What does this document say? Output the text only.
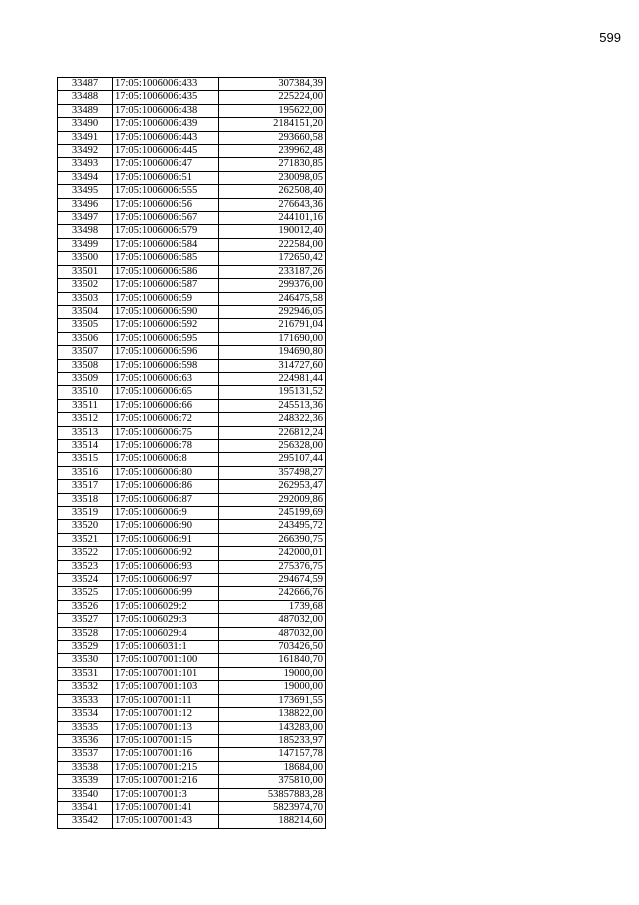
599
33487	17:05:1006006:433	307384,39
33488	17:05:1006006:435	225224,00
33489	17:05:1006006:438	195622,00
33490	17:05:1006006:439	2184151,20
33491	17:05:1006006:443	293660,58
33492	17:05:1006006:445	239962,48
33493	17:05:1006006:47	271830,85
33494	17:05:1006006:51	230098,05
33495	17:05:1006006:555	262508,40
33496	17:05:1006006:56	276643,36
33497	17:05:1006006:567	244101,16
33498	17:05:1006006:579	190012,40
33499	17:05:1006006:584	222584,00
33500	17:05:1006006:585	172650,42
33501	17:05:1006006:586	233187,26
33502	17:05:1006006:587	299376,00
33503	17:05:1006006:59	246475,58
33504	17:05:1006006:590	292946,05
33505	17:05:1006006:592	216791,04
33506	17:05:1006006:595	171690,00
33507	17:05:1006006:596	194690,80
33508	17:05:1006006:598	314727,60
33509	17:05:1006006:63	224981,44
33510	17:05:1006006:65	195131,52
33511	17:05:1006006:66	245513,36
33512	17:05:1006006:72	248322,36
33513	17:05:1006006:75	226812,24
33514	17:05:1006006:78	256328,00
33515	17:05:1006006:8	295107,44
33516	17:05:1006006:80	357498,27
33517	17:05:1006006:86	262953,47
33518	17:05:1006006:87	292009,86
33519	17:05:1006006:9	245199,69
33520	17:05:1006006:90	243495,72
33521	17:05:1006006:91	266390,75
33522	17:05:1006006:92	242000,01
33523	17:05:1006006:93	275376,75
33524	17:05:1006006:97	294674,59
33525	17:05:1006006:99	242666,76
33526	17:05:1006029:2	1739,68
33527	17:05:1006029:3	487032,00
33528	17:05:1006029:4	487032,00
33529	17:05:1006031:1	703426,50
33530	17:05:1007001:100	161840,70
33531	17:05:1007001:101	19000,00
33532	17:05:1007001:103	19000,00
33533	17:05:1007001:11	173691,55
33534	17:05:1007001:12	138822,00
33535	17:05:1007001:13	143283,00
33536	17:05:1007001:15	185233,97
33537	17:05:1007001:16	147157,78
33538	17:05:1007001:215	18684,00
33539	17:05:1007001:216	375810,00
33540	17:05:1007001:3	53857883,28
33541	17:05:1007001:41	5823974,70
33542	17:05:1007001:43	188214,60
